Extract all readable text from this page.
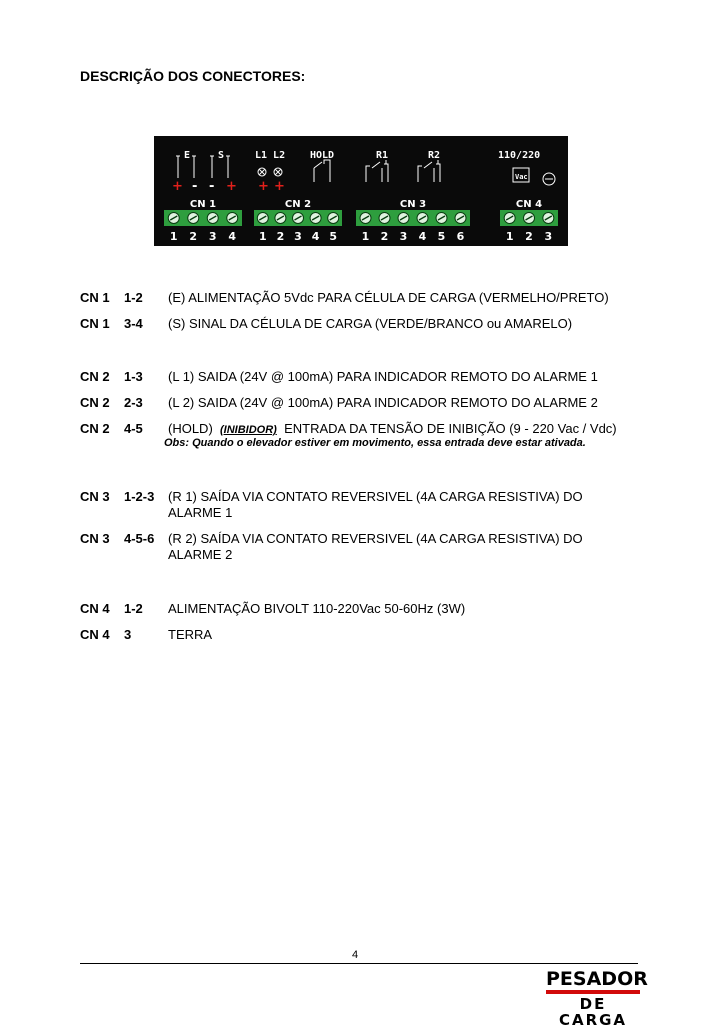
DESCRIÇÃO DOS CONECTORES:
E	S	L1 L2 HOLD	R1	R2	110/220
Vac
+ - - + + +
CN 1
1 2 3 4
CN 2
1 2 3 4 5
CN 3
1 2 3 4 5 6
CN 4
1 2 3
CN 1 1-2 (E) ALIMENTAÇÃO 5Vdc PARA CÉLULA DE CARGA (VERMELHO/PRETO)
CN 1 3-4 (S) SINAL DA CÉLULA DE CARGA (VERDE/BRANCO ou AMARELO)
CN 2 1-3 (L 1) SAIDA (24V @ 100mA) PARA INDICADOR REMOTO DO ALARME 1
CN 2 2-3 (L 2) SAIDA (24V @ 100mA) PARA INDICADOR REMOTO DO ALARME 2
CN 2 4-5 (HOLD) (INIBIDOR) ENTRADA DA TENSÃO DE INIBIÇÃO (9 - 220 Vac / Vdc)
CN 3 1-2-3 (R 1) SAÍDA VIA CONTATO REVERSIVEL (4A CARGA RESISTIVA) DO ALARME 1
CN 3 4-5-6 (R 2) SAÍDA VIA CONTATO REVERSIVEL (4A CARGA RESISTIVA) DO ALARME 2
CN 4 1-2 ALIMENTAÇÃO BIVOLT 110-220Vac 50-60Hz (3W)
CN 4 3	TERRA
Obs: Quando o elevador estiver em movimento, essa entrada deve estar ativada.
4
PESADOR
DE CARGA
